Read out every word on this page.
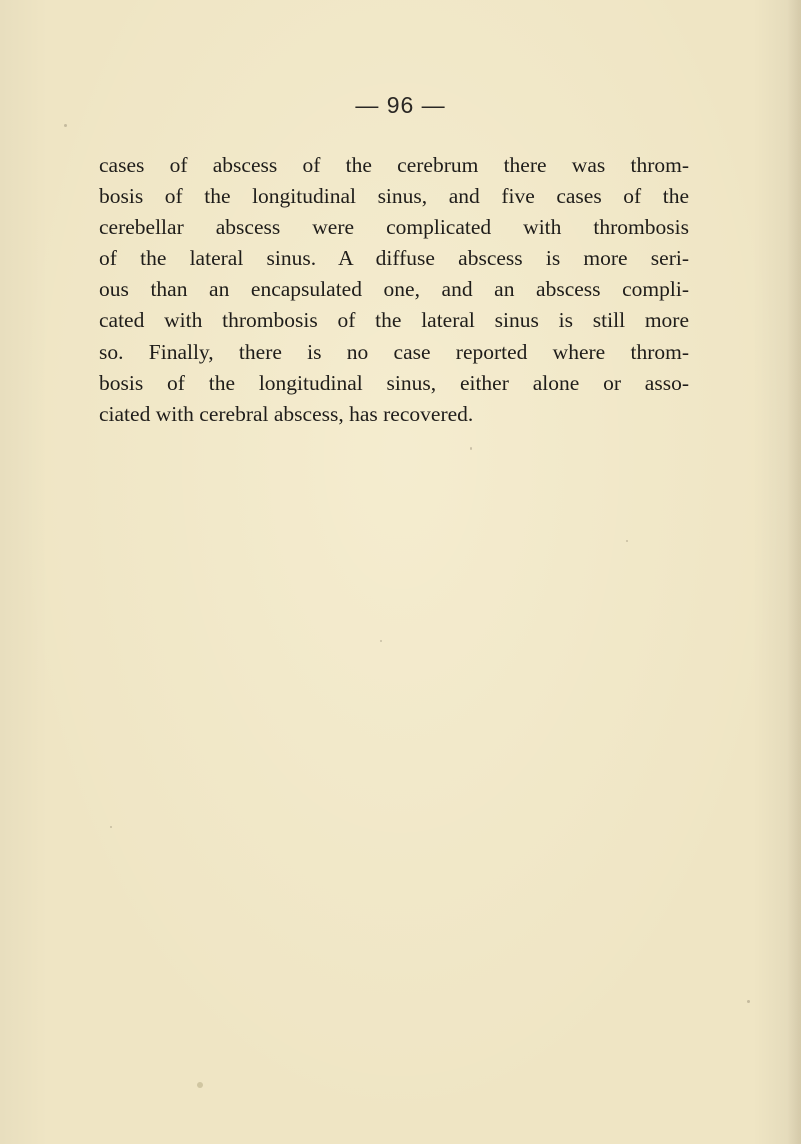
— 96 —
cases of abscess of the cerebrum there was throm-
bosis of the longitudinal sinus, and five cases of the
cerebellar abscess were complicated with thrombosis
of the lateral sinus. A diffuse abscess is more seri-
ous than an encapsulated one, and an abscess compli-
cated with thrombosis of the lateral sinus is still more
so. Finally, there is no case reported where throm-
bosis of the longitudinal sinus, either alone or asso-
ciated with cerebral abscess, has recovered.
